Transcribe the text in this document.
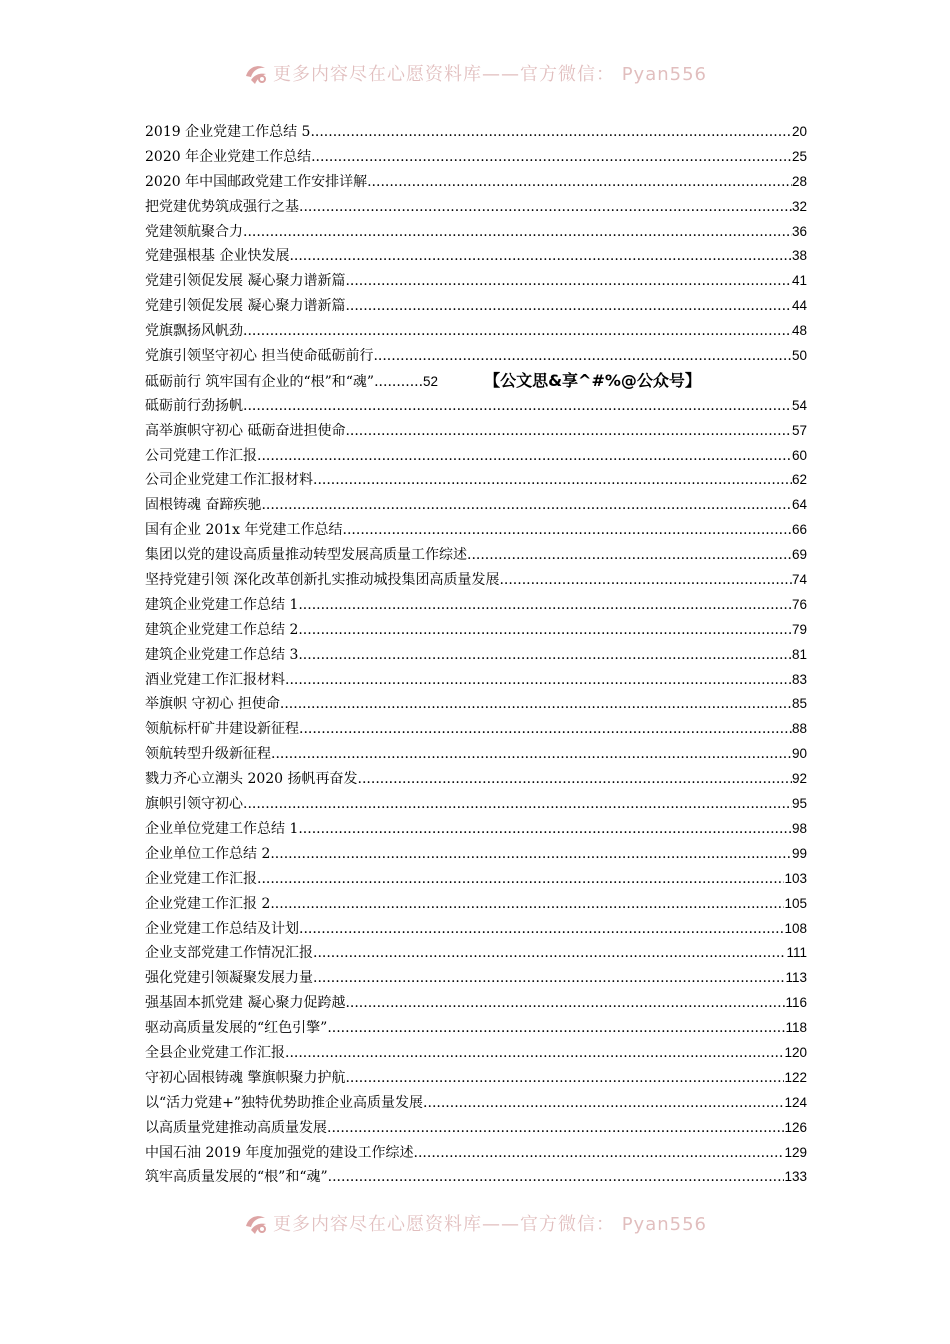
更多内容尽在心愿资料库——官方微信： Pyan556
2019 企业党建工作总结 5 .....	20
2020 年企业党建工作总结 .....	25
2020 年中国邮政党建工作安排详解 .....	28
把党建优势筑成强行之基 .....	32
党建领航聚合力 .....	36
党建强根基 企业快发展 .....	38
党建引领促发展 凝心聚力谱新篇 .....	41
党建引领促发展 凝心聚力谱新篇 .....	44
党旗飘扬风帆劲 .....	48
党旗引领坚守初心 担当使命砥砺前行 .....	50
砥砺前行 筑牢国有企业的“根”和“魂” .....	52	【公文思&享^#%@公众号】
砥砺前行劲扬帆 .....	54
高举旗帜守初心 砥砺奋进担使命 .....	57
公司党建工作汇报 .....	60
公司企业党建工作汇报材料 .....	62
固根铸魂 奋蹄疾驰 .....	64
国有企业 201x 年党建工作总结 .....	66
集团以党的建设高质量推动转型发展高质量工作综述 .....	69
坚持党建引领 深化改革创新扎实推动城投集团高质量发展 .....	74
建筑企业党建工作总结 1 .....	76
建筑企业党建工作总结 2 .....	79
建筑企业党建工作总结 3 .....	81
酒业党建工作汇报材料 .....	83
举旗帜 守初心 担使命 .....	85
领航标杆矿井建设新征程 .....	88
领航转型升级新征程 .....	90
戮力齐心立潮头 2020 扬帆再奋发 .....	92
旗帜引领守初心 .....	95
企业单位党建工作总结 1 .....	98
企业单位工作总结 2 .....	99
企业党建工作汇报 .....	103
企业党建工作汇报 2 .....	105
企业党建工作总结及计划 .....	108
企业支部党建工作情况汇报 .....	111
强化党建引领凝聚发展力量 .....	113
强基固本抓党建 凝心聚力促跨越 .....	116
驱动高质量发展的“红色引擎” .....	118
全县企业党建工作汇报 .....	120
守初心固根铸魂 擎旗帜聚力护航 .....	122
以“活力党建+”独特优势助推企业高质量发展 .....	124
以高质量党建推动高质量发展 .....	126
中国石油 2019 年度加强党的建设工作综述 .....	129
筑牢高质量发展的“根”和“魂” .....	133
更多内容尽在心愿资料库——官方微信： Pyan556
